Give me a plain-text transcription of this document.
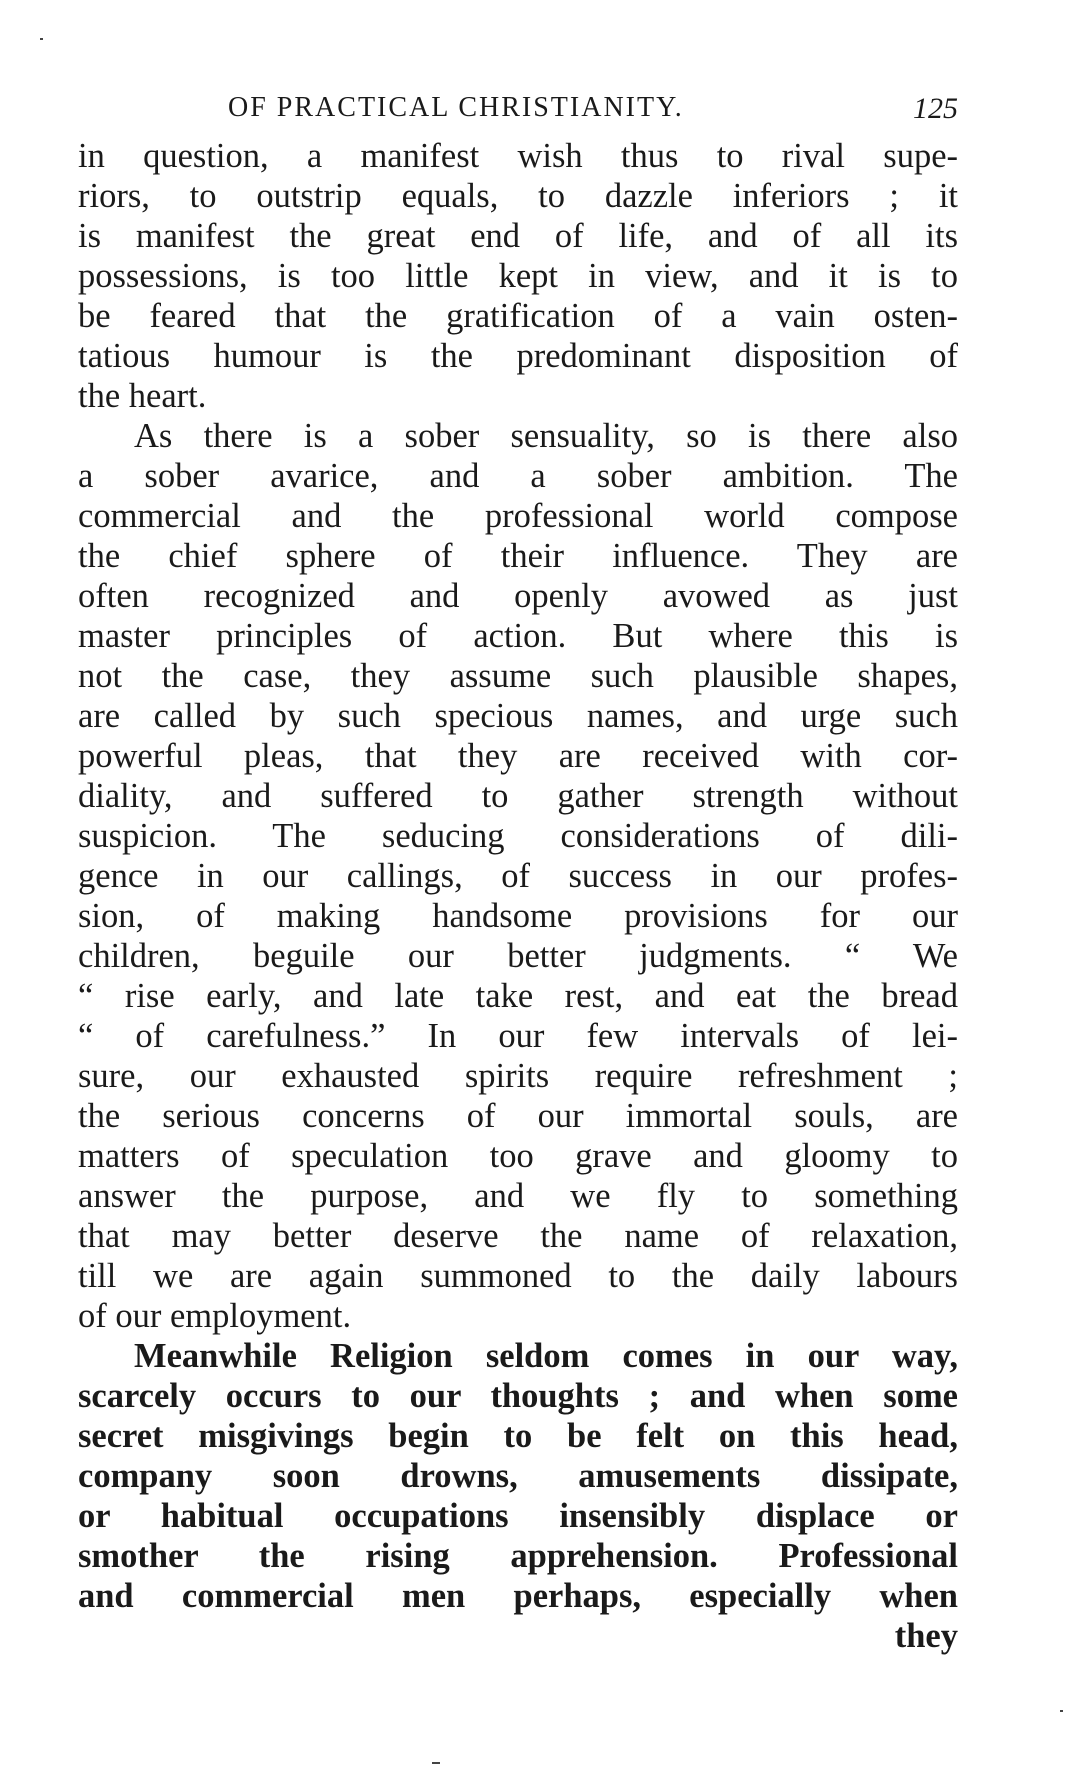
OF PRACTICAL CHRISTIANITY.	125
in question, a manifest wish thus to rival supe-
riors, to outstrip equals, to dazzle inferiors ; it
is manifest the great end of life, and of all its
possessions, is too little kept in view, and it is to
be feared that the gratification of a vain osten-
tatious humour is the predominant disposition of
the heart.
As there is a sober sensuality, so is there also
a sober avarice, and a sober ambition. The
commercial and the professional world compose
the chief sphere of their influence. They are
often recognized and openly avowed as just
master principles of action. But where this is
not the case, they assume such plausible shapes,
are called by such specious names, and urge such
powerful pleas, that they are received with cor-
diality, and suffered to gather strength without
suspicion. The seducing considerations of dili-
gence in our callings, of success in our profes-
sion, of making handsome provisions for our
children, beguile our better judgments. “ We
“ rise early, and late take rest, and eat the bread
“ of carefulness.” In our few intervals of lei-
sure, our exhausted spirits require refreshment ;
the serious concerns of our immortal souls, are
matters of speculation too grave and gloomy to
answer the purpose, and we fly to something
that may better deserve the name of relaxation,
till we are again summoned to the daily labours
of our employment.
Meanwhile Religion seldom comes in our way,
scarcely occurs to our thoughts ; and when some
secret misgivings begin to be felt on this head,
company soon drowns, amusements dissipate,
or habitual occupations insensibly displace or
smother the rising apprehension. Professional
and commercial men perhaps, especially when
they
